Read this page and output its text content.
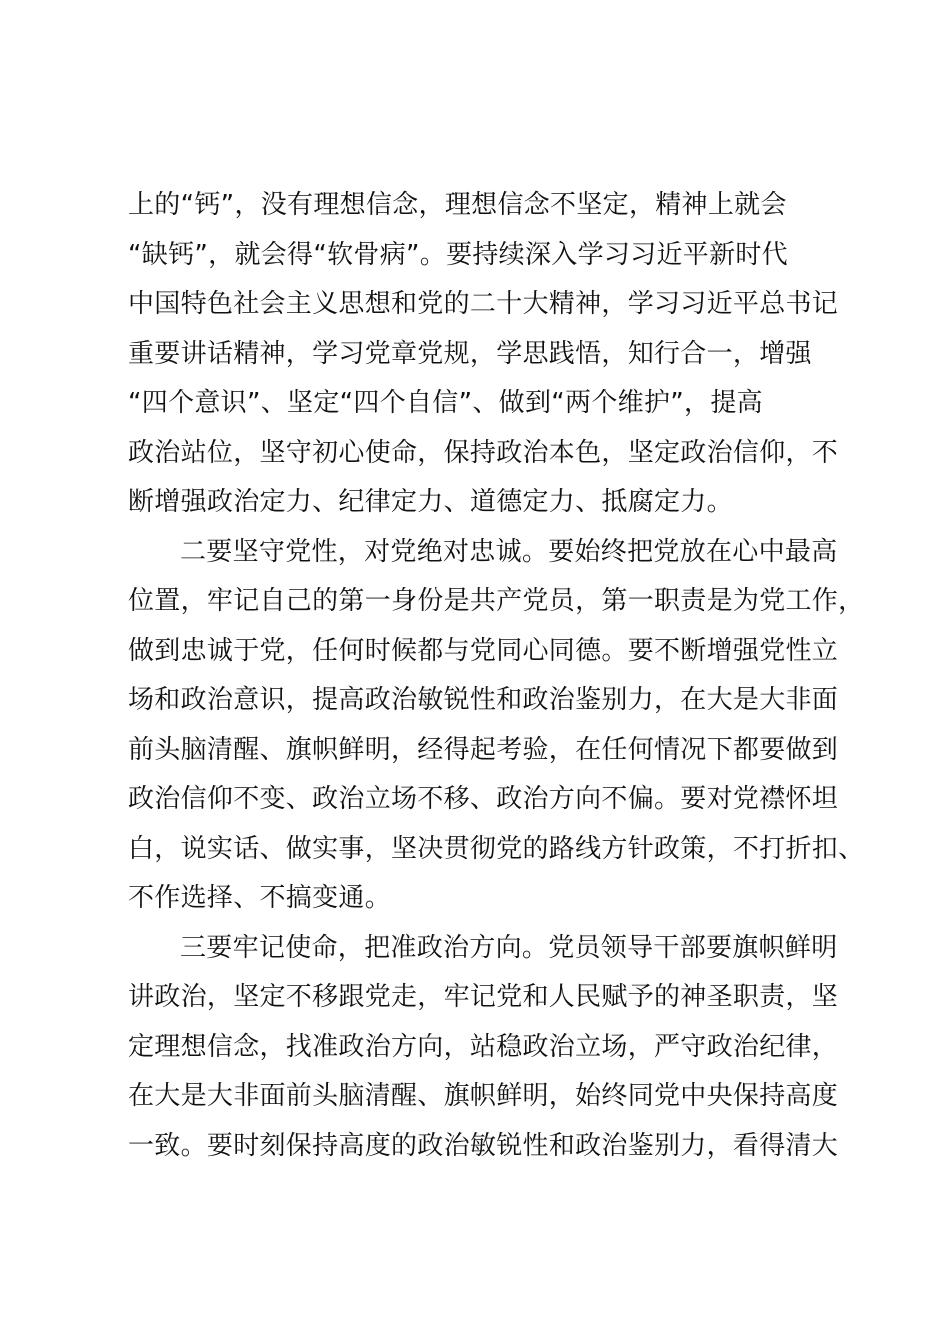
上的“钙”，没有理想信念，理想信念不坚定，精神上就会
“缺钙”，就会得“软骨病”。要持续深入学习习近平新时代
中国特色社会主义思想和党的二十大精神，学习习近平总书记
重要讲话精神，学习党章党规，学思践悟，知行合一，增强
“四个意识”、坚定“四个自信”、做到“两个维护”，提高
政治站位，坚守初心使命，保持政治本色，坚定政治信仰，不
断增强政治定力、纪律定力、道德定力、抵腐定力。
二要坚守党性，对党绝对忠诚。要始终把党放在心中最高
位置，牢记自己的第一身份是共产党员，第一职责是为党工作，
做到忠诚于党，任何时候都与党同心同德。要不断增强党性立
场和政治意识，提高政治敏锐性和政治鉴别力，在大是大非面
前头脑清醒、旗帜鲜明，经得起考验，在任何情况下都要做到
政治信仰不变、政治立场不移、政治方向不偏。要对党襟怀坦
白，说实话、做实事，坚决贯彻党的路线方针政策，不打折扣、
不作选择、不搞变通。
三要牢记使命，把准政治方向。党员领导干部要旗帜鲜明
讲政治，坚定不移跟党走，牢记党和人民赋予的神圣职责，坚
定理想信念，找准政治方向，站稳政治立场，严守政治纪律，
在大是大非面前头脑清醒、旗帜鲜明，始终同党中央保持高度
一致。要时刻保持高度的政治敏锐性和政治鉴别力，看得清大
